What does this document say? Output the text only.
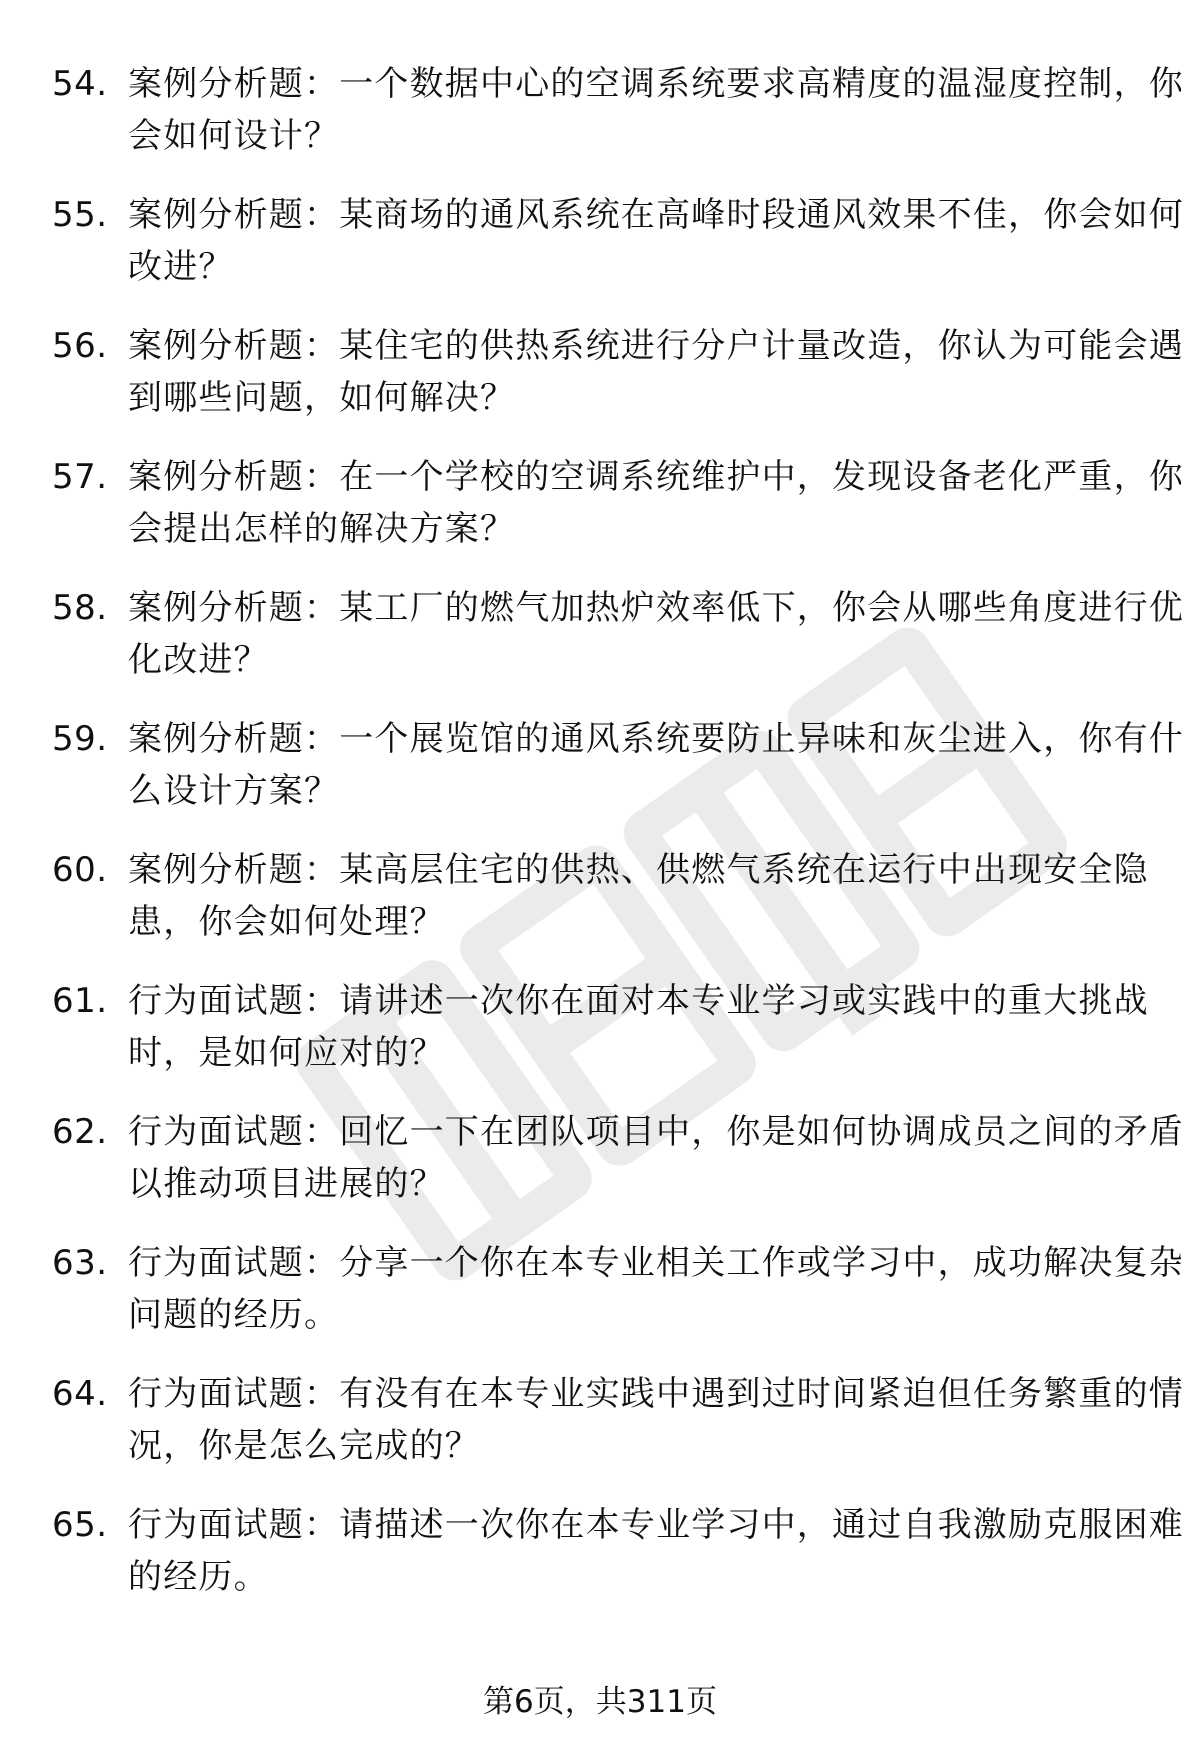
54. 案例分析题：一个数据中心的空调系统要求高精度的温湿度控制，你会如何设计？
55. 案例分析题：某商场的通风系统在高峰时段通风效果不佳，你会如何改进？
56. 案例分析题：某住宅的供热系统进行分户计量改造，你认为可能会遇到哪些问题，如何解决？
57. 案例分析题：在一个学校的空调系统维护中，发现设备老化严重，你会提出怎样的解决方案？
58. 案例分析题：某工厂的燃气加热炉效率低下，你会从哪些角度进行优化改进？
59. 案例分析题：一个展览馆的通风系统要防止异味和灰尘进入，你有什么设计方案？
60. 案例分析题：某高层住宅的供热、供燃气系统在运行中出现安全隐患，你会如何处理？
61. 行为面试题：请讲述一次你在面对本专业学习或实践中的重大挑战时，是如何应对的？
62. 行为面试题：回忆一下在团队项目中，你是如何协调成员之间的矛盾以推动项目进展的？
63. 行为面试题：分享一个你在本专业相关工作或学习中，成功解决复杂问题的经历。
64. 行为面试题：有没有在本专业实践中遇到过时间紧迫但任务繁重的情况，你是怎么完成的？
65. 行为面试题：请描述一次你在本专业学习中，通过自我激励克服困难的经历。
第6页，共311页
